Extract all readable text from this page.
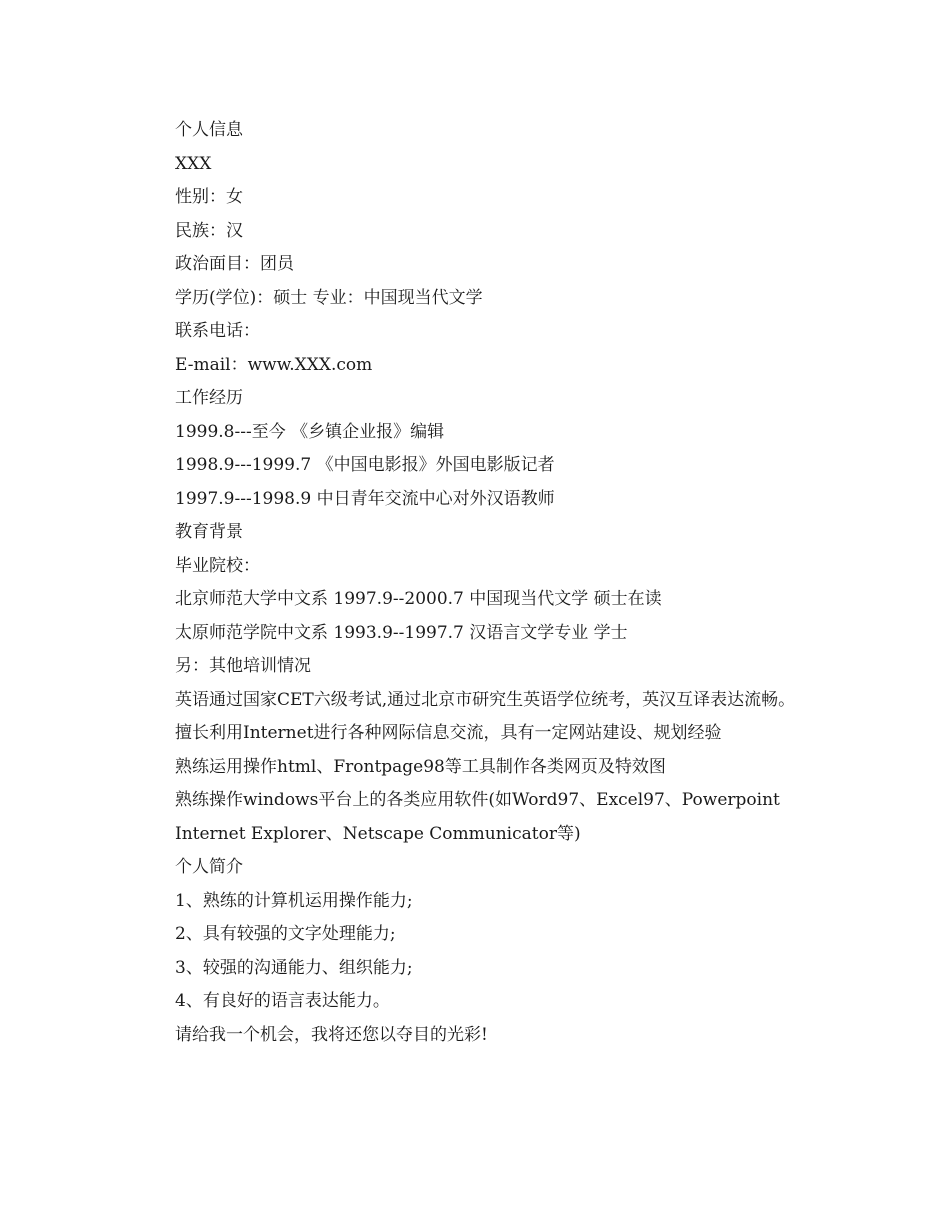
个人信息
XXX
性别：女
民族：汉
政治面目：团员
学历(学位)：硕士 专业：中国现当代文学
联系电话：
E-mail：www.XXX.com
工作经历
1999.8---至今 《乡镇企业报》编辑
1998.9---1999.7 《中国电影报》外国电影版记者
1997.9---1998.9 中日青年交流中心对外汉语教师
教育背景
毕业院校：
北京师范大学中文系 1997.9--2000.7 中国现当代文学 硕士在读
太原师范学院中文系 1993.9--1997.7 汉语言文学专业 学士
另：其他培训情况
英语通过国家CET六级考试,通过北京市研究生英语学位统考，英汉互译表达流畅。
擅长利用Internet进行各种网际信息交流，具有一定网站建设、规划经验
熟练运用操作html、Frontpage98等工具制作各类网页及特效图
熟练操作windows平台上的各类应用软件(如Word97、Excel97、Powerpoint
Internet Explorer、Netscape Communicator等)
个人简介
1、熟练的计算机运用操作能力;
2、具有较强的文字处理能力;
3、较强的沟通能力、组织能力;
4、有良好的语言表达能力。
请给我一个机会，我将还您以夺目的光彩!
